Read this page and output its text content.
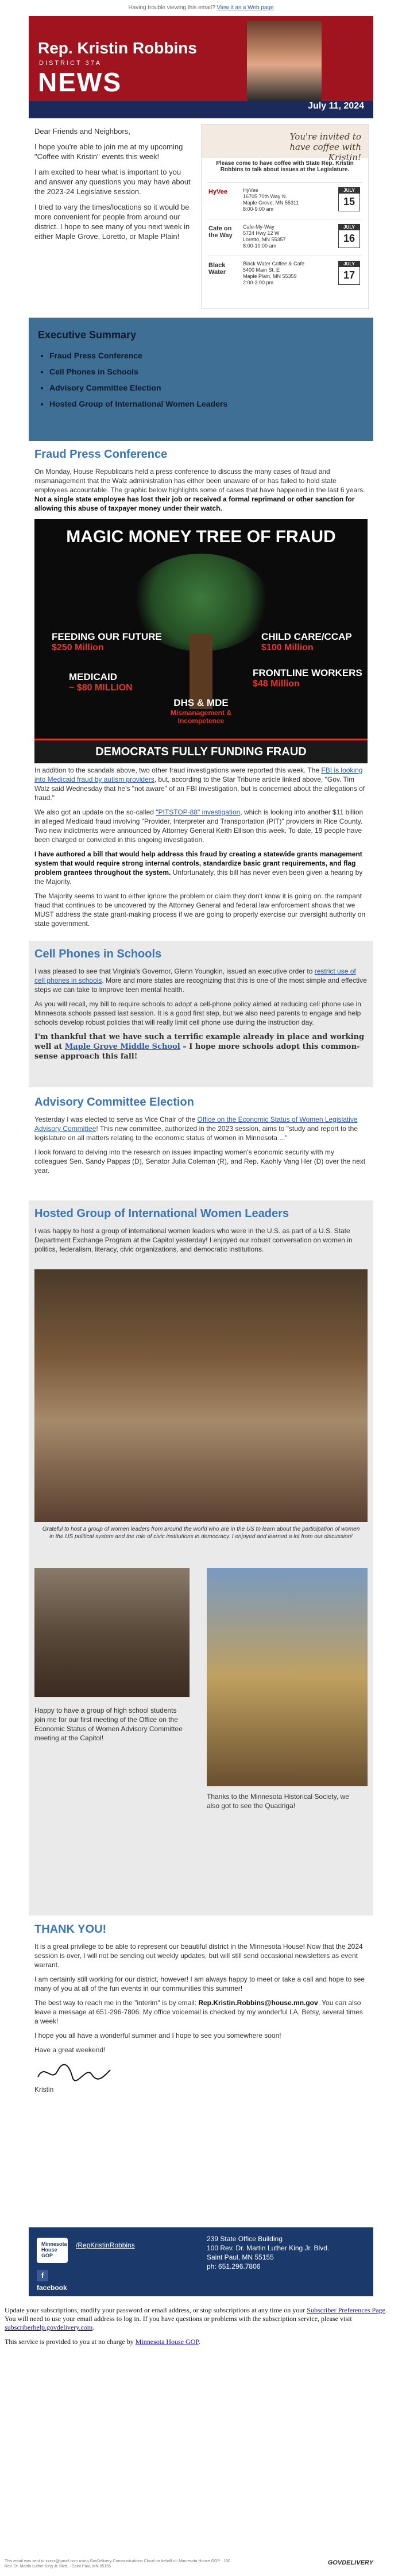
Having trouble viewing this email? View it as a Web page
Rep. Kristin Robbins
DISTRICT 37A
NEWS
July 11, 2024

Dear Friends and Neighbors,

I hope you're able to join me at my upcoming "Coffee with Kristin" events this week!

I am excited to hear what is important to you and answer any questions you may have about the 2023-24 Legislative session.

I tried to vary the times/locations so it would be more convenient for people from around our district. I hope to see many of you next week in either Maple Grove, Loretto, or Maple Plain!

You're invited to have coffee with Kristin!
Please come to have coffee with State Rep. Kristin Robbins to talk about issues at the Legislature.
HyVee	HyVee
16705 70th Way N.
Maple Grove, MN 55311
8:00-9:00 am
JULY
15
Cafe on the Way
Cafe-My-Way
5724 Hwy 12 W
Loretto, MN 55357
8:00-10:00 am
JULY
16
Black Water
Black Water Coffee & Cafe
5400 Main St. E
Maple Plain, MN 55359
2:00-3:00 pm
JULY
17
Executive Summary
• Fraud Press Conference
• Cell Phones in Schools
• Advisory Committee Election
• Hosted Group of International Women Leaders
Fraud Press Conference

On Monday, House Republicans held a press conference to discuss the many cases of fraud and mismanagement that the Walz administration has either been unaware of or has failed to hold state employees accountable. The graphic below highlights some of cases that have happened in the last 6 years. Not a single state employee has lost their job or received a formal reprimand or other sanction for allowing this abuse of taxpayer money under their watch.

MAGIC MONEY TREE OF FRAUD
FEEDING OUR FUTURE
$250 Million
CHILD CARE/CCAP
$100 Million
MEDICAID
~ $80 MILLION
FRONTLINE WORKERS
$48 Million
DHS & MDE
Mismanagement & Incompetence
DEMOCRATS FULLY FUNDING FRAUD

In addition to the scandals above, two other fraud investigations were reported this week. The FBI is looking into Medicaid fraud by autism providers, but, according to the Star Tribune article linked above, "Gov. Tim Walz said Wednesday that he's "not aware" of an FBI investigation, but is concerned about the allegations of fraud."

We also got an update on the so-called "PITSTOP-88" investigation, which is looking into another $11 billion in alleged Medicaid fraud involving "Provider, Interpreter and Transportation (PIT)" providers in Rice County. Two new indictments were announced by Attorney General Keith Ellison this week. To date, 19 people have been charged or convicted in this ongoing investigation.

I have authored a bill that would help address this fraud by creating a statewide grants management system that would require strong internal controls, standardize basic grant requirements, and flag problem grantees throughout the system. Unfortunately, this bill has never even been given a hearing by the Majority.

The Majority seems to want to either ignore the problem or claim they don't know it is going on. the rampant fraud that continues to be uncovered by the Attorney General and federal law enforcement shows that we MUST address the state grant-making process if we are going to properly exercise our oversight authority on state government.

Cell Phones in Schools

I was pleased to see that Virginia's Governor, Glenn Youngkin, issued an executive order to restrict use of cell phones in schools. More and more states are recognizing that this is one of the most simple and effective steps we can take to improve teen mental health.

As you will recall, my bill to require schools to adopt a cell-phone policy aimed at reducing cell phone use in Minnesota schools passed last session. It is a good first step, but we also need parents to engage and help schools develop robust policies that will really limit cell phone use during the instruction day.

I'm thankful that we have such a terrific example already in place and working well at Maple Grove Middle School – I hope more schools adopt this common-sense approach this fall!

Advisory Committee Election

Yesterday I was elected to serve as Vice Chair of the Office on the Economic Status of Women Legislative Advisory Committee! This new committee, authorized in the 2023 session, aims to "study and report to the legislature on all matters relating to the economic status of women in Minnesota ..."

I look forward to delving into the research on issues impacting women's economic security with my colleagues Sen. Sandy Pappas (D), Senator Julia Coleman (R), and Rep. Kaohly Vang Her (D) over the next year.

Hosted Group of International Women Leaders

I was happy to host a group of international women leaders who were in the U.S. as part of a U.S. State Department Exchange Program at the Capitol yesterday! I enjoyed our robust conversation on women in politics, federalism, literacy, civic organizations, and democratic institutions.

Grateful to host a group of women leaders from around the world who are in the US to learn about the participation of women in the US political system and the role of civic institutions in democracy. I enjoyed and learned a lot from our discussion!
Happy to have a group of high school students join me for our first meeting of the Office on the Economic Status of Women Advisory Committee meeting at the Capitol!
Thanks to the Minnesota Historical Society, we also got to see the Quadriga!
THANK YOU!

It is a great privilege to be able to represent our beautiful district in the Minnesota House! Now that the 2024 session is over, I will not be sending out weekly updates, but will still send occasional newsletters as event warrant.

I am certainly still working for our district, however! I am always happy to meet or take a call and hope to see many of you at all of the fun events in our communities this summer!

The best way to reach me in the "interim" is by email: Rep.Kristin.Robbins@house.mn.gov. You can also leave a message at 651-296-7806. My office voicemail is checked by my wonderful LA, Betsy, several times a week!

I hope you all have a wonderful summer and I hope to see you somewhere soon!

Have a great weekend!

Kristin

Minnesota House GOP
/RepKristinRobbins
f
facebook
239 State Office Building
100 Rev. Dr. Martin Luther King Jr. Blvd.
Saint Paul, MN 55155
ph: 651.296.7806

Update your subscriptions, modify your password or email address, or stop subscriptions at any time on your Subscriber Preferences Page. You will need to use your email address to log in. If you have questions or problems with the subscription service, please visit subscriberhelp.govdelivery.com.

This service is provided to you at no charge by Minnesota House GOP.

This email was sent to xxxxx@gmail.com using GovDelivery Communications Cloud on behalf of: Minnesota House GOP · 100
Rev. Dr. Martin Luther King Jr. Blvd. · Saint Paul, MN 55155
GOVDELIVERY
